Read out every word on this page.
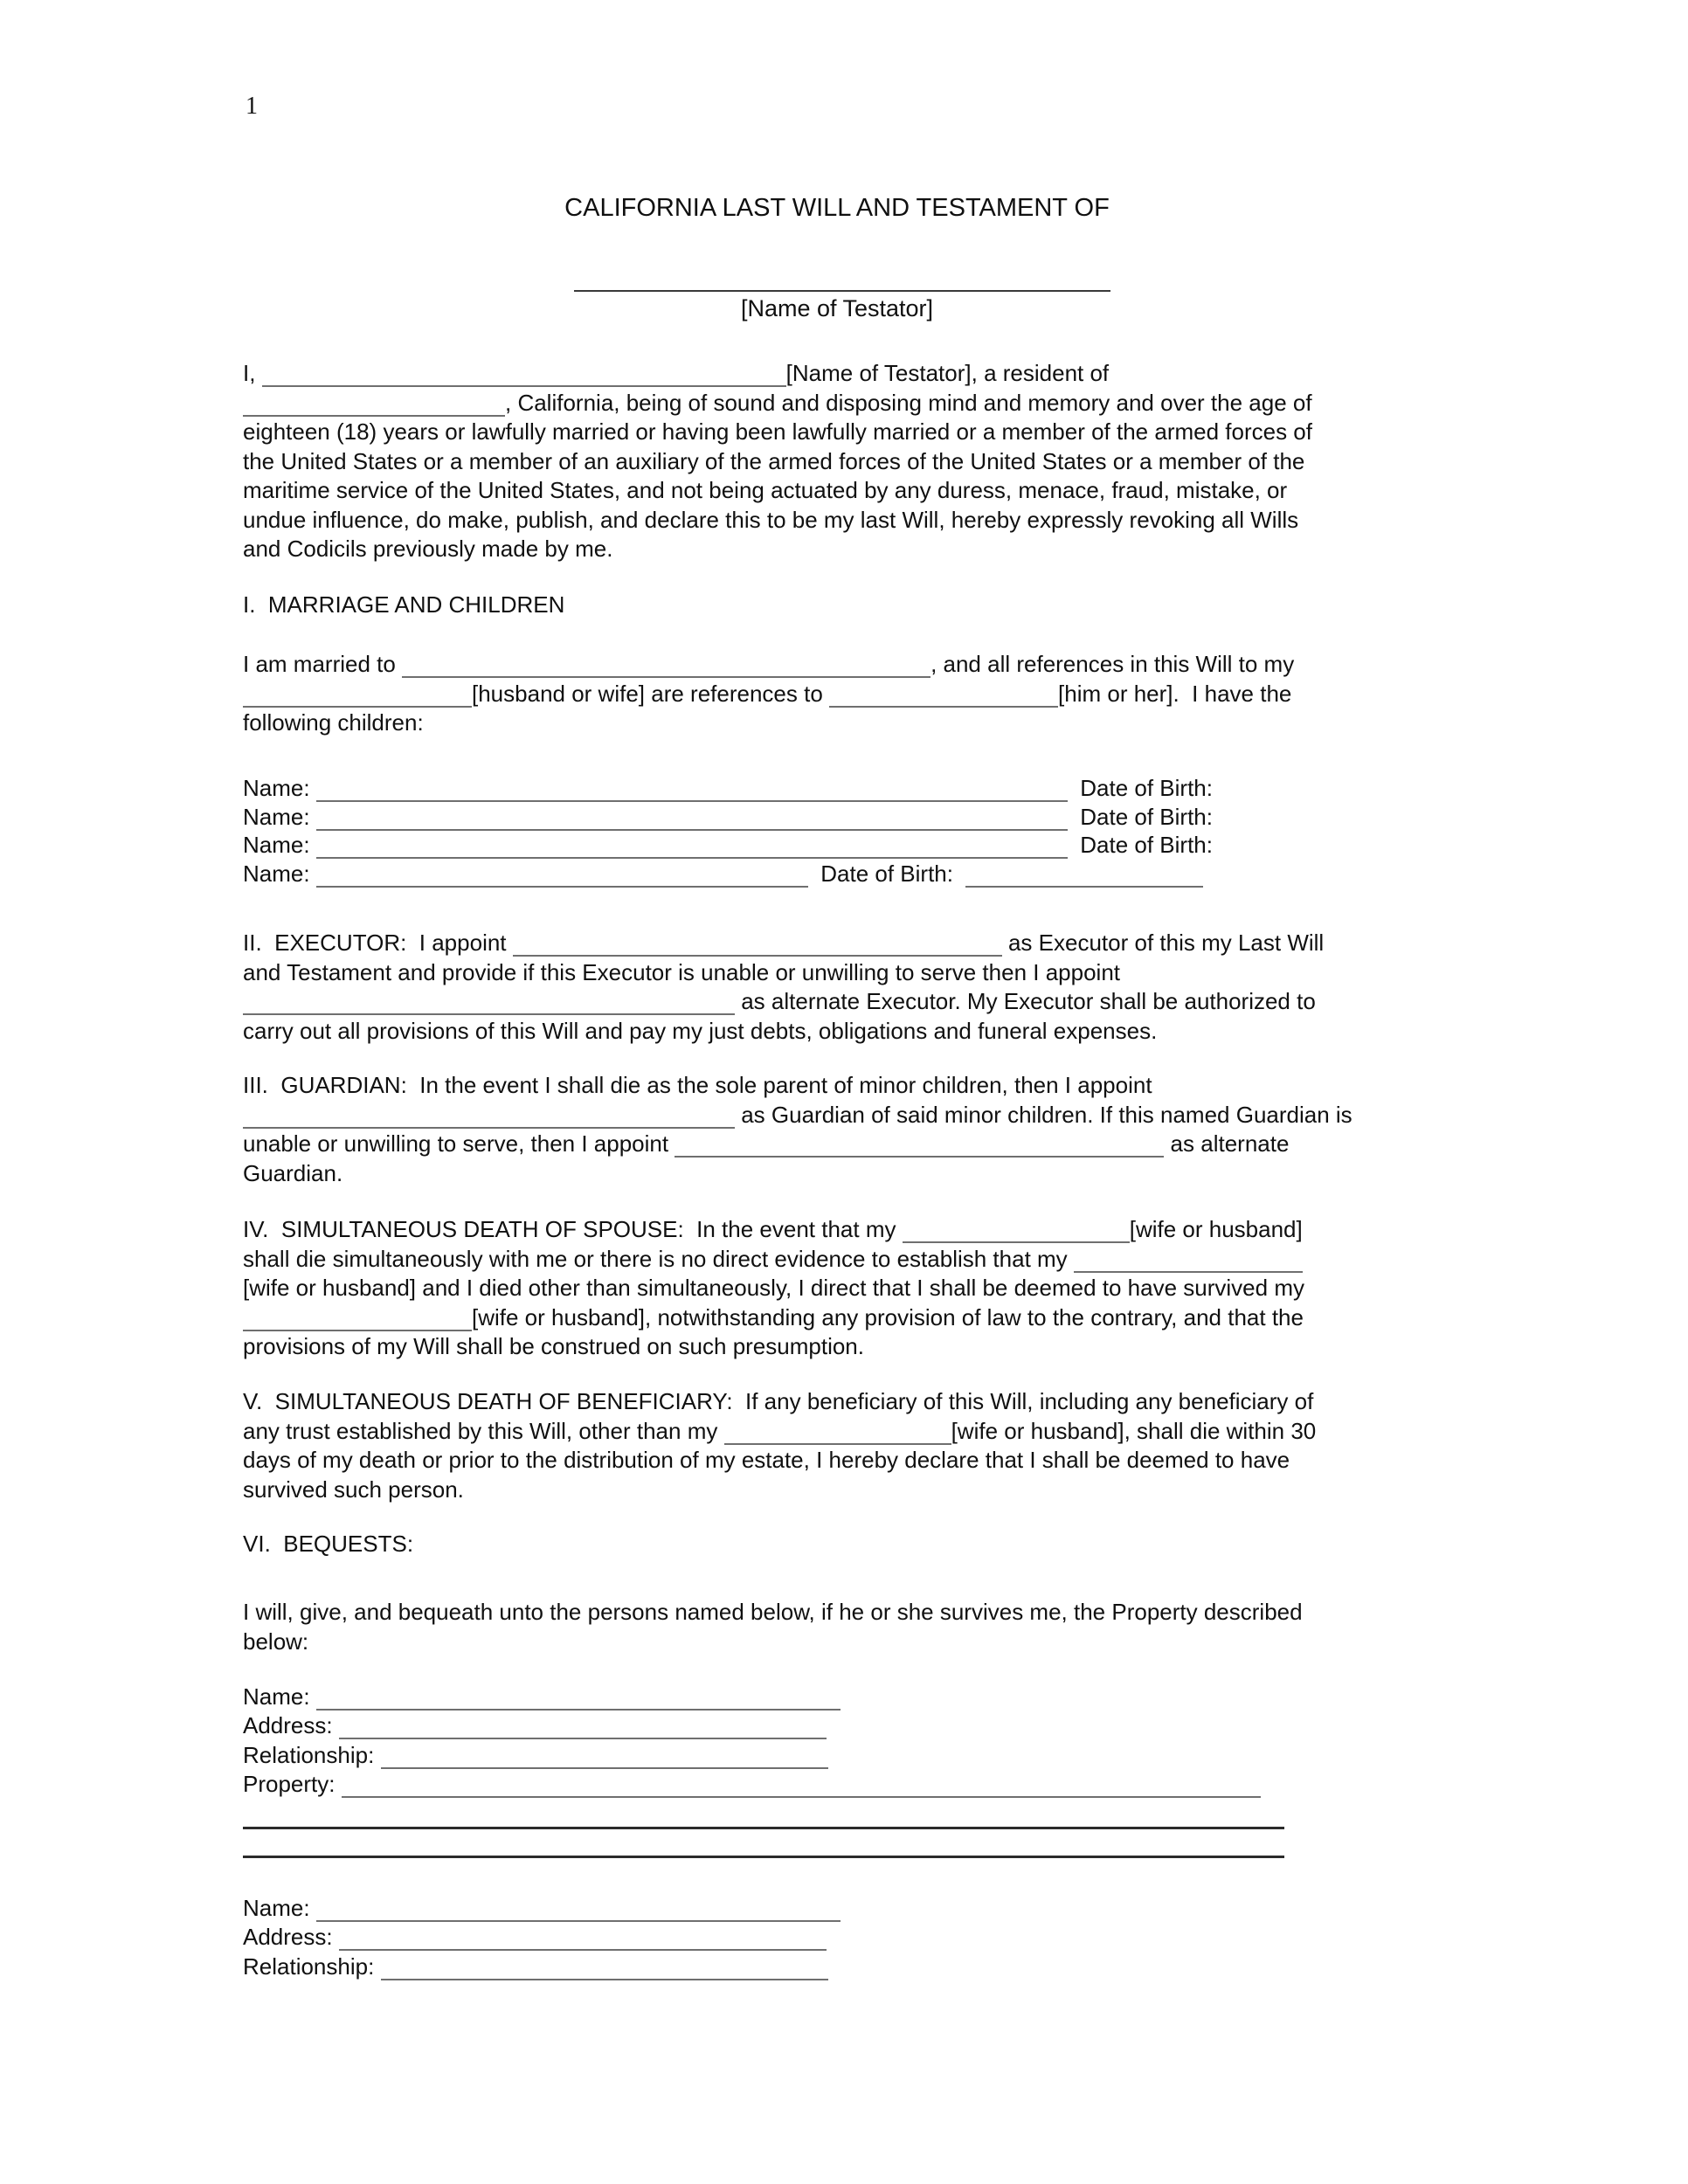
1
CALIFORNIA LAST WILL AND TESTAMENT OF
[Name of Testator]
I,	[Name of Testator], a resident of
, California, being of sound and disposing mind and memory and over the age of
eighteen (18) years or lawfully married or having been lawfully married or a member of the armed forces of
the United States or a member of an auxiliary of the armed forces of the United States or a member of the
maritime service of the United States, and not being actuated by any duress, menace, fraud, mistake, or
undue influence, do make, publish, and declare this to be my last Will, hereby expressly revoking all Wills
and Codicils previously made by me.
I.  MARRIAGE AND CHILDREN
I am married to	, and all references in this Will to my
[husband or wife] are references to	[him or her].  I have the
following children:
Name:	Date of Birth:
Name:	Date of Birth:
Name:	Date of Birth:
Name:	Date of Birth:
II.  EXECUTOR:  I appoint	as Executor of this my Last Will
and Testament and provide if this Executor is unable or unwilling to serve then I appoint
as alternate Executor. My Executor shall be authorized to
carry out all provisions of this Will and pay my just debts, obligations and funeral expenses.
III.  GUARDIAN:  In the event I shall die as the sole parent of minor children, then I appoint
as Guardian of said minor children. If this named Guardian is
unable or unwilling to serve, then I appoint	as alternate
Guardian.
IV.  SIMULTANEOUS DEATH OF SPOUSE:  In the event that my	[wife or husband]
shall die simultaneously with me or there is no direct evidence to establish that my
[wife or husband] and I died other than simultaneously, I direct that I shall be deemed to have survived my
[wife or husband], notwithstanding any provision of law to the contrary, and that the
provisions of my Will shall be construed on such presumption.
V.  SIMULTANEOUS DEATH OF BENEFICIARY:  If any beneficiary of this Will, including any beneficiary of
any trust established by this Will, other than my	[wife or husband], shall die within 30
days of my death or prior to the distribution of my estate, I hereby declare that I shall be deemed to have
survived such person.
VI.  BEQUESTS:
I will, give, and bequeath unto the persons named below, if he or she survives me, the Property described
below:
Name:
Address:
Relationship:
Property:
Name:
Address:
Relationship:
